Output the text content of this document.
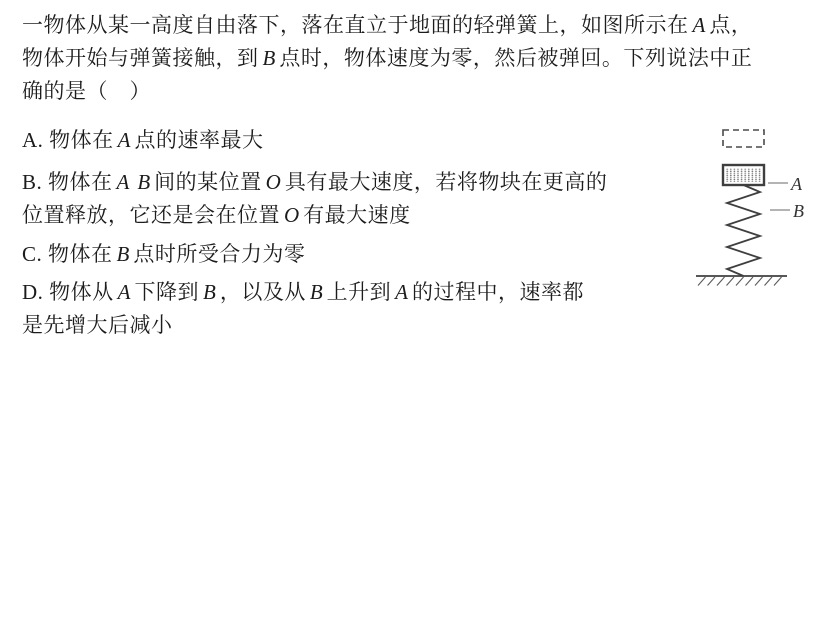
一物体从某一高度自由落下，落在直立于地面的轻弹簧上，如图所示在 A 点，
物体开始与弹簧接触，到 B 点时，物体速度为零，然后被弹回。下列说法中正
确的是（　）
A. 物体在 A 点的速率最大
B. 物体在 A B 间的某位置 O 具有最大速度，若将物块在更高的
位置释放，它还是会在位置 O 有最大速度
C. 物体在 B 点时所受合力为零
D. 物体从 A 下降到 B ，以及从 B 上升到 A 的过程中，速率都
是先增大后减小
A
B
